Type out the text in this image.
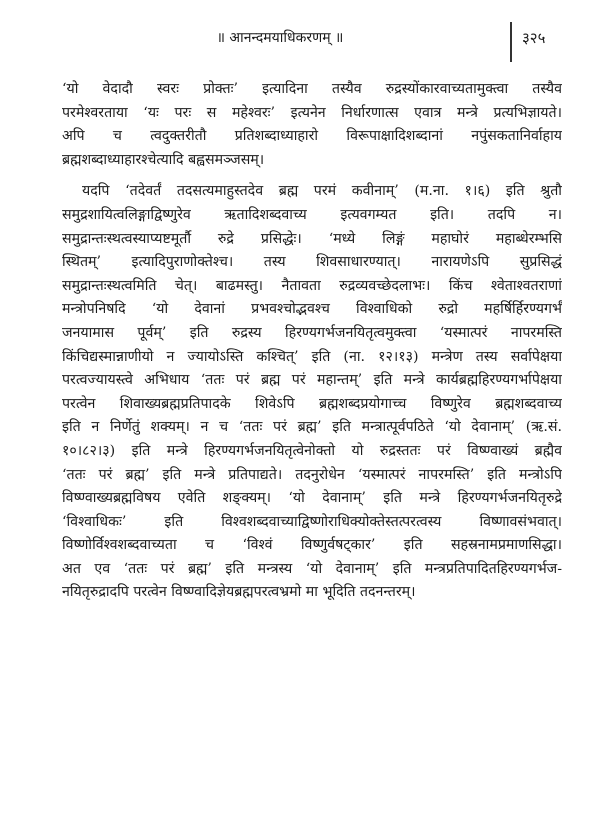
॥ आनन्दमयाधिकरणम् ॥	३२५
‘यो वेदादौ स्वरः प्रोक्तः’ इत्यादिना तस्यैव रुद्रस्योंकारवाच्यतामुक्त्वा तस्यैव
परमेश्वरताया ‘यः परः स महेश्वरः’ इत्यनेन निर्धारणात्स एवात्र मन्त्रे प्रत्यभिज्ञायते।
अपि च त्वदुक्तरीतौ प्रतिशब्दाध्याहारो विरूपाक्षादिशब्दानां नपुंसकतानिर्वाहाय
ब्रह्मशब्दाध्याहारश्चेत्यादि बह्वसमञ्जसम्।
यदपि ‘तदेवर्तं तदसत्यमाहुस्तदेव ब्रह्म परमं कवीनाम्’ (म.ना. १।६) इति श्रुतौ
समुद्रशायित्वलिङ्गाद्विष्णुरेव ऋतादिशब्दवाच्य इत्यवगम्यत इति। तदपि न।
समुद्रान्तःस्थत्वस्याप्यष्टमूर्तौ रुद्रे प्रसिद्धेः। ‘मध्ये लिङ्गं महाघोरं महाब्धेरम्भसि
स्थितम्’ इत्यादिपुराणोक्तेश्च। तस्य शिवसाधारण्यात्। नारायणेऽपि सुप्रसिद्धं
समुद्रान्तःस्थत्वमिति चेत्। बाढमस्तु। नैतावता रुद्रव्यवच्छेदलाभः। किंच श्वेताश्वतराणां
मन्त्रोपनिषदि ‘यो देवानां प्रभवश्चोद्भवश्च विश्वाधिको रुद्रो महर्षिर्हिरण्यगर्भं
जनयामास पूर्वम्’ इति रुद्रस्य हिरण्यगर्भजनयितृत्वमुक्त्वा ‘यस्मात्परं नापरमस्ति
किंचिद्यस्मान्नाणीयो न ज्यायोऽस्ति कश्चित्’ इति (ना. १२।१३) मन्त्रेण तस्य सर्वापेक्षया
परत्वज्यायस्त्वे अभिधाय ‘ततः परं ब्रह्म परं महान्तम्’ इति मन्त्रे कार्यब्रह्महिरण्यगर्भापेक्षया
परत्वेन शिवाख्यब्रह्मप्रतिपादके शिवेऽपि ब्रह्मशब्दप्रयोगाच्च विष्णुरेव ब्रह्मशब्दवाच्य
इति न निर्णेतुं शक्यम्। न च ‘ततः परं ब्रह्म’ इति मन्त्रात्पूर्वपठिते ‘यो देवानाम्’ (ऋ.सं.
१०।८२।३) इति मन्त्रे हिरण्यगर्भजनयितृत्वेनोक्तो यो रुद्रस्ततः परं विष्ण्वाख्यं ब्रह्मैव
‘ततः परं ब्रह्म’ इति मन्त्रे प्रतिपाद्यते। तदनुरोधेन ‘यस्मात्परं नापरमस्ति’ इति मन्त्रोऽपि
विष्ण्वाख्यब्रह्मविषय एवेति शङ्क्यम्। ‘यो देवानाम्’ इति मन्त्रे हिरण्यगर्भजनयितृरुद्रे
‘विश्वाधिकः’ इति विश्वशब्दवाच्याद्विष्णोराधिक्योक्तेस्तत्परत्वस्य विष्णावसंभवात्।
विष्णोर्विश्वशब्दवाच्यता च ‘विश्वं विष्णुर्वषट्कार’ इति सहस्रनामप्रमाणसिद्धा।
अत एव ‘ततः परं ब्रह्म’ इति मन्त्रस्य ‘यो देवानाम्’ इति मन्त्रप्रतिपादितहिरण्यगर्भज-
नयितृरुद्रादपि परत्वेन विष्ण्वादिज्ञेयब्रह्मपरत्वभ्रमो मा भूदिति तदनन्तरम्।
